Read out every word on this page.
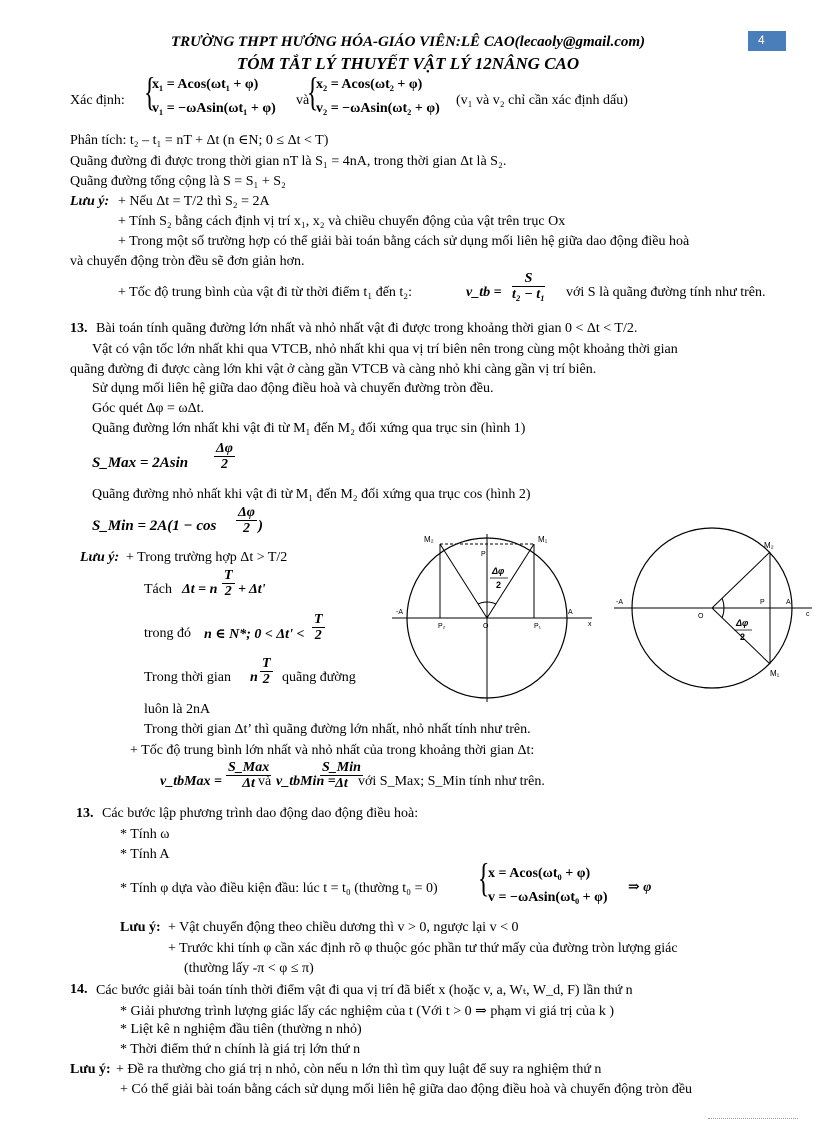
TRƯỜNG THPT HƯỚNG HÓA-GIÁO VIÊN:LÊ CAO(lecaoly@gmail.com)
TÓM TẮT LÝ THUYẾT VẬT LÝ 12NÂNG CAO
4
Xác định: {
x₁ = Acos(ωt₁ + φ)
v₁ = −ωAsin(ωt₁ + φ)
và
{
x₂ = Acos(ωt₂ + φ)
v₂ = −ωAsin(ωt₂ + φ)
(v₁ và v₂ chỉ cần xác định dấu)
Phân tích: t₂ – t₁ = nT + Δt (n ∈N; 0 ≤ Δt < T)
Quãng đường đi được trong thời gian nT là S₁ = 4nA, trong thời gian Δt là S₂.
Quãng đường tổng cộng là S = S₁ + S₂
Lưu ý: + Nếu Δt = T/2 thì S₂ = 2A
+ Tính S₂ bằng cách định vị trí x₁, x₂ và chiều chuyển động của vật trên trục Ox
+ Trong một số trường hợp có thể giải bài toán bằng cách sử dụng mối liên hệ giữa dao động điều hoà
và chuyển động tròn đều sẽ đơn giản hơn.
+ Tốc độ trung bình của vật đi từ thời điểm t₁ đến t₂:	v_tb = $\frac{S}{\text{t₂ − t₁}}$ với S là quãng đường tính như trên.
13. Bài toán tính quãng đường lớn nhất và nhỏ nhất vật đi được trong khoảng thời gian 0 < Δt < T/2.
Vật có vận tốc lớn nhất khi qua VTCB, nhỏ nhất khi qua vị trí biên nên trong cùng một khoảng thời gian
quãng đường đi được càng lớn khi vật ở càng gần VTCB và càng nhỏ khi càng gần vị trí biên.
Sử dụng mối liên hệ giữa dao động điều hoà và chuyển đường tròn đều.
Góc quét Δφ = ωΔt.
Quãng đường lớn nhất khi vật đi từ M₁ đến M₂ đối xứng qua trục sin (hình 1)
S_Max = $2Asin \frac{\Delta\varphi}{2}$
Quãng đường nhỏ nhất khi vật đi từ M₁ đến M₂ đối xứng qua trục cos (hình 2)
S_Min = $2A(1 - \cos \frac{\Delta\varphi}{2}$ )
Lưu ý: + Trong trường hợp Δt > T/2
Tách Δt = n $\frac{T}{2} + \Delta t'$
trong đó n ∈ N*; $0 < \Delta t' < \frac{T}{2}$
Trong thời gian n $\frac{T}{2}$ quãng đường
luôn là 2nA
Trong thời gian Δt’ thì quãng đường lớn nhất, nhỏ nhất tính như trên.
+ Tốc độ trung bình lớn nhất và nhỏ nhất của trong khoảng thời gian Δt:
v_tbMax = $\frac{\text{S\_Max}}{\Delta t}$
và v_tbMin =
$\frac{\text{S\_Min}}{\Delta t}$
với S_Max; S_Min tính như trên.
13. Các bước lập phương trình dao động dao động điều hoà:
* Tính ω
* Tính A
* Tính φ dựa vào điều kiện đầu: lúc t = t₀ (thường t₀ = 0) {
x = Acos(ωt₀ + φ)
v = −ωAsin(ωt₀ + φ)
⇒ φ
Lưu ý: + Vật chuyển động theo chiều dương thì v > 0, ngược lại v < 0
+ Trước khi tính φ cần xác định rõ φ thuộc góc phần tư thứ mấy của đường tròn lượng giác
(thường lấy -π < φ ≤ π)
14. Các bước giải bài toán tính thời điểm vật đi qua vị trí đã biết x (hoặc v, a, Wₜ, W_d, F) lần thứ n
* Giải phương trình lượng giác lấy các nghiệm của t (Với t > 0 ⇒ phạm vi giá trị của k )
* Liệt kê n nghiệm đầu tiên (thường n nhỏ)
* Thời điểm thứ n chính là giá trị lớn thứ n
Lưu ý: + Đề ra thường cho giá trị n nhỏ, còn nếu n lớn thì tìm quy luật để suy ra nghiệm thứ n
+ Có thể giải bài toán bằng cách sử dụng mối liên hệ giữa dao động điều hoà và chuyển động tròn đều
M₂	M₁
-A	A
x
O
P
P₂	P₁
Δφ
2
M₂
M₁
-A	A
c
O
P
Δφ
2
